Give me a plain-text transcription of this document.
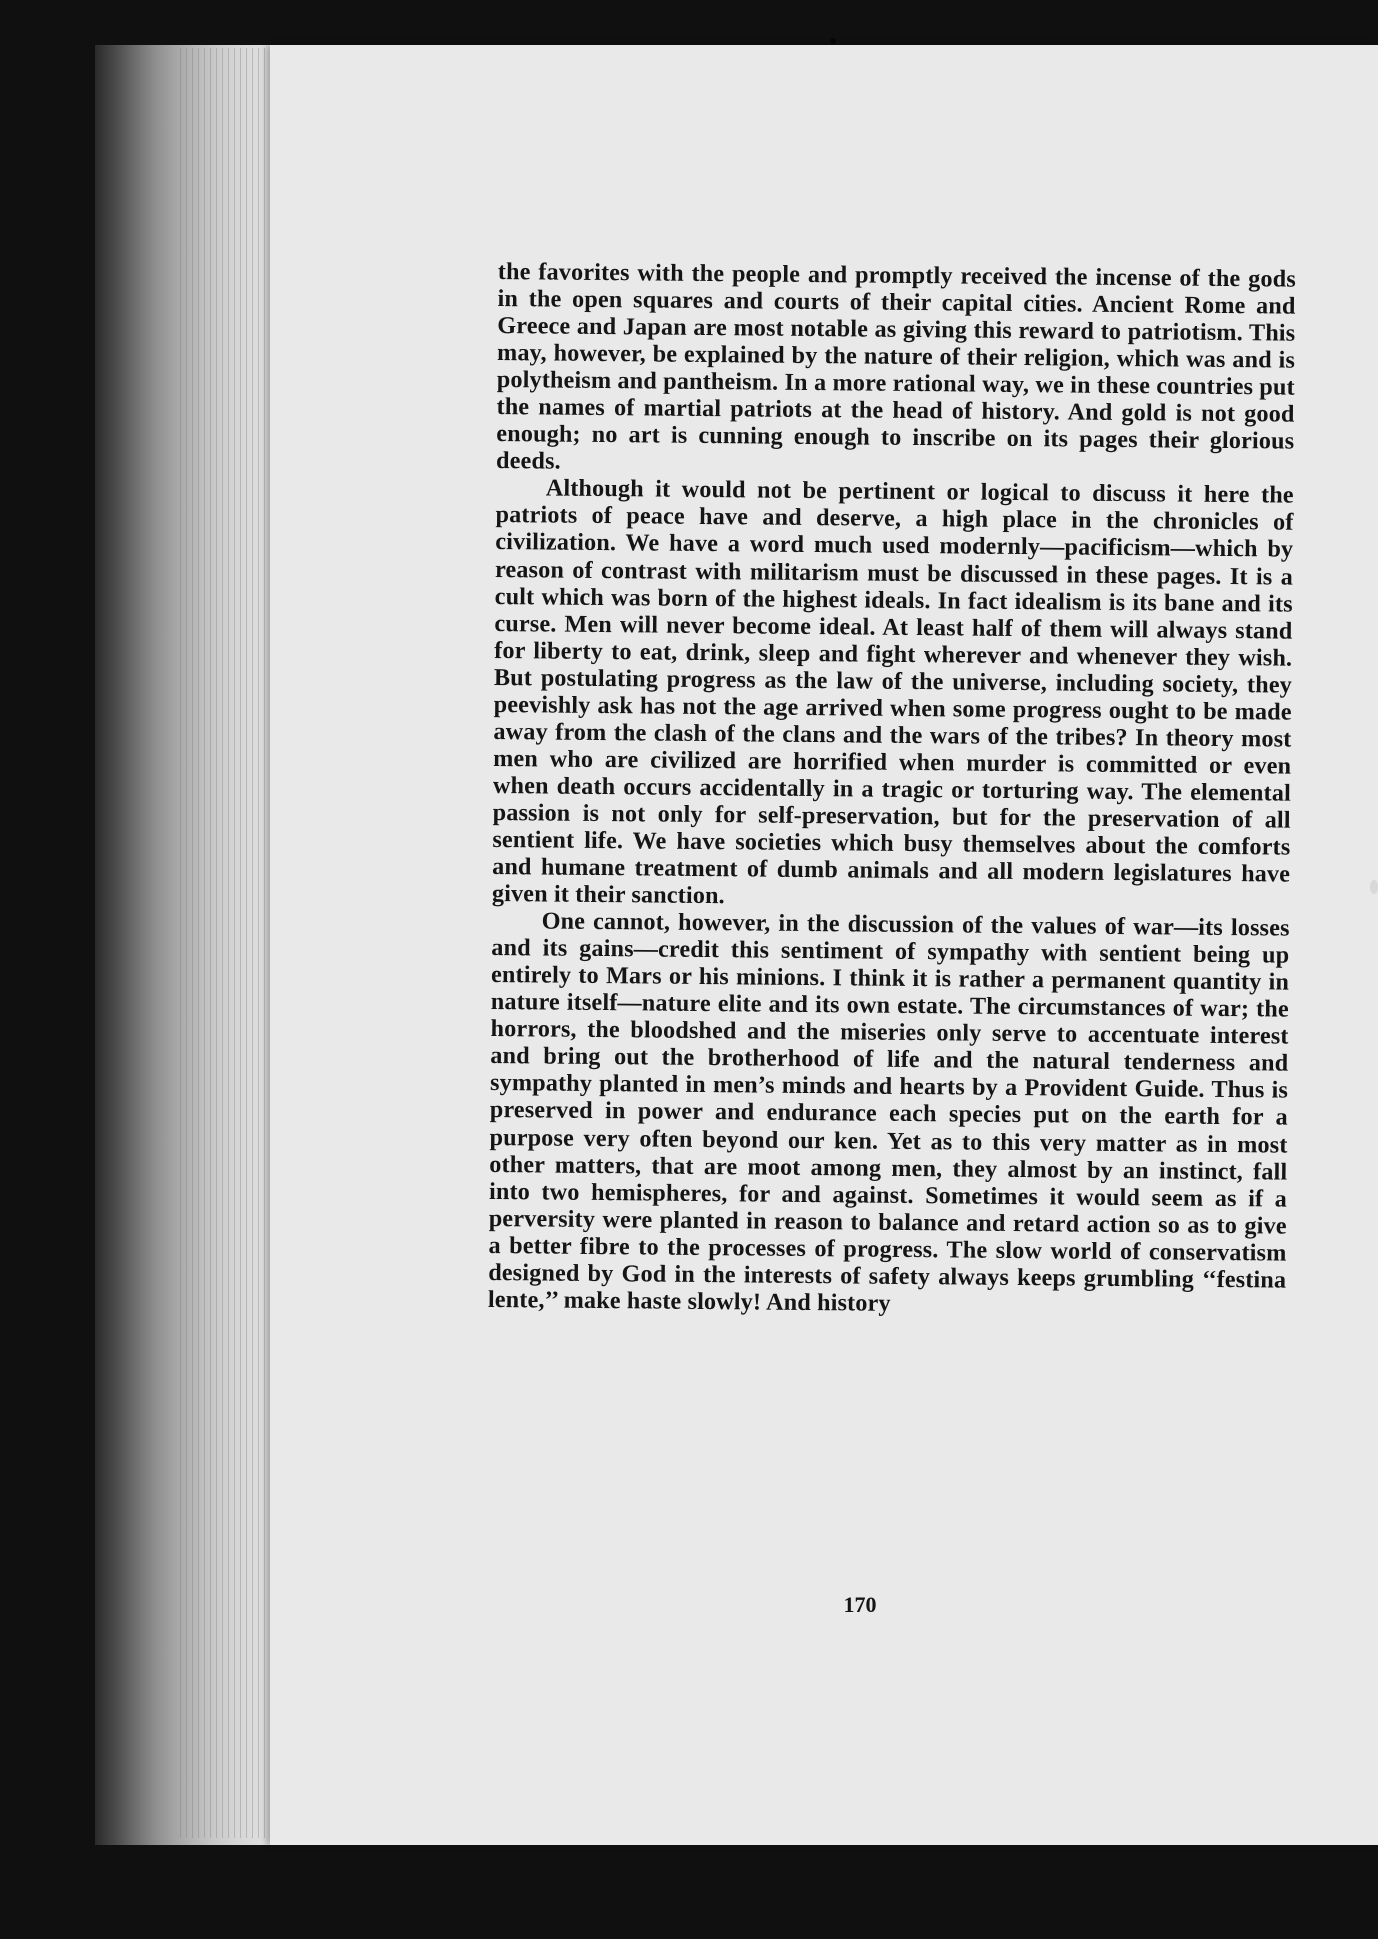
the favorites with the people and promptly received the incense of the gods in the open squares and courts of their capital cities. Ancient Rome and Greece and Japan are most notable as giving this reward to patriotism. This may, however, be explained by the nature of their religion, which was and is polytheism and pantheism. In a more rational way, we in these countries put the names of martial patriots at the head of history. And gold is not good enough; no art is cunning enough to inscribe on its pages their glorious deeds.

Although it would not be pertinent or logical to discuss it here the patriots of peace have and deserve, a high place in the chronicles of civilization. We have a word much used modernly—pacificism—which by reason of contrast with militarism must be discussed in these pages. It is a cult which was born of the highest ideals. In fact idealism is its bane and its curse. Men will never become ideal. At least half of them will always stand for liberty to eat, drink, sleep and fight wherever and whenever they wish. But postulating progress as the law of the universe, including society, they peevishly ask has not the age arrived when some progress ought to be made away from the clash of the clans and the wars of the tribes? In theory most men who are civilized are horrified when murder is committed or even when death occurs accidentally in a tragic or torturing way. The elemental passion is not only for self-preservation, but for the preservation of all sentient life. We have societies which busy themselves about the comforts and humane treatment of dumb animals and all modern legislatures have given it their sanction.

One cannot, however, in the discussion of the values of war—its losses and its gains—credit this sentiment of sympathy with sentient being up entirely to Mars or his minions. I think it is rather a permanent quantity in nature itself—nature elite and its own estate. The circumstances of war; the horrors, the bloodshed and the miseries only serve to accentuate interest and bring out the brotherhood of life and the natural tenderness and sympathy planted in men’s minds and hearts by a Provident Guide. Thus is preserved in power and endurance each species put on the earth for a purpose very often beyond our ken. Yet as to this very matter as in most other matters, that are moot among men, they almost by an instinct, fall into two hemispheres, for and against. Sometimes it would seem as if a perversity were planted in reason to balance and retard action so as to give a better fibre to the processes of progress. The slow world of conservatism designed by God in the interests of safety always keeps grumbling ‘‘festina lente,’’ make haste slowly! And history

170
